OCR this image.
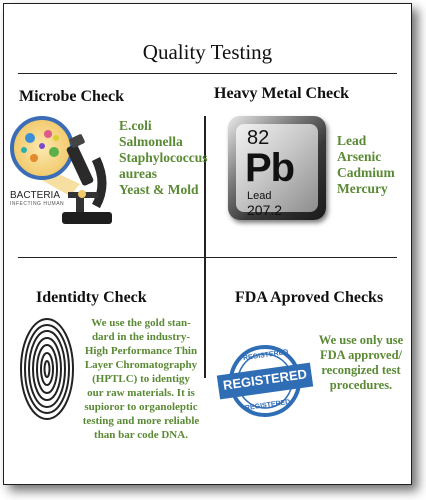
Quality Testing
Microbe Check
BACTERIA
INFECTING HUMAN
E.coli
Salmonella
Staphylococcus
aureas
Yeast & Mold
Heavy Metal Check
82
Pb
Lead
207.2
Lead
Arsenic
Cadmium
Mercury
Identidty Check
We use the gold stan-
dard in the industry-
High Performance Thin
Layer Chromatography
(HPTLC) to identigy
our raw materials. It is
supioror to organoleptic
testing and more reliable
than bar code DNA.
FDA Aproved Checks
REGISTERED
REGISTERED
REGISTERED
We use only use
FDA approved/
recongized test
procedures.
